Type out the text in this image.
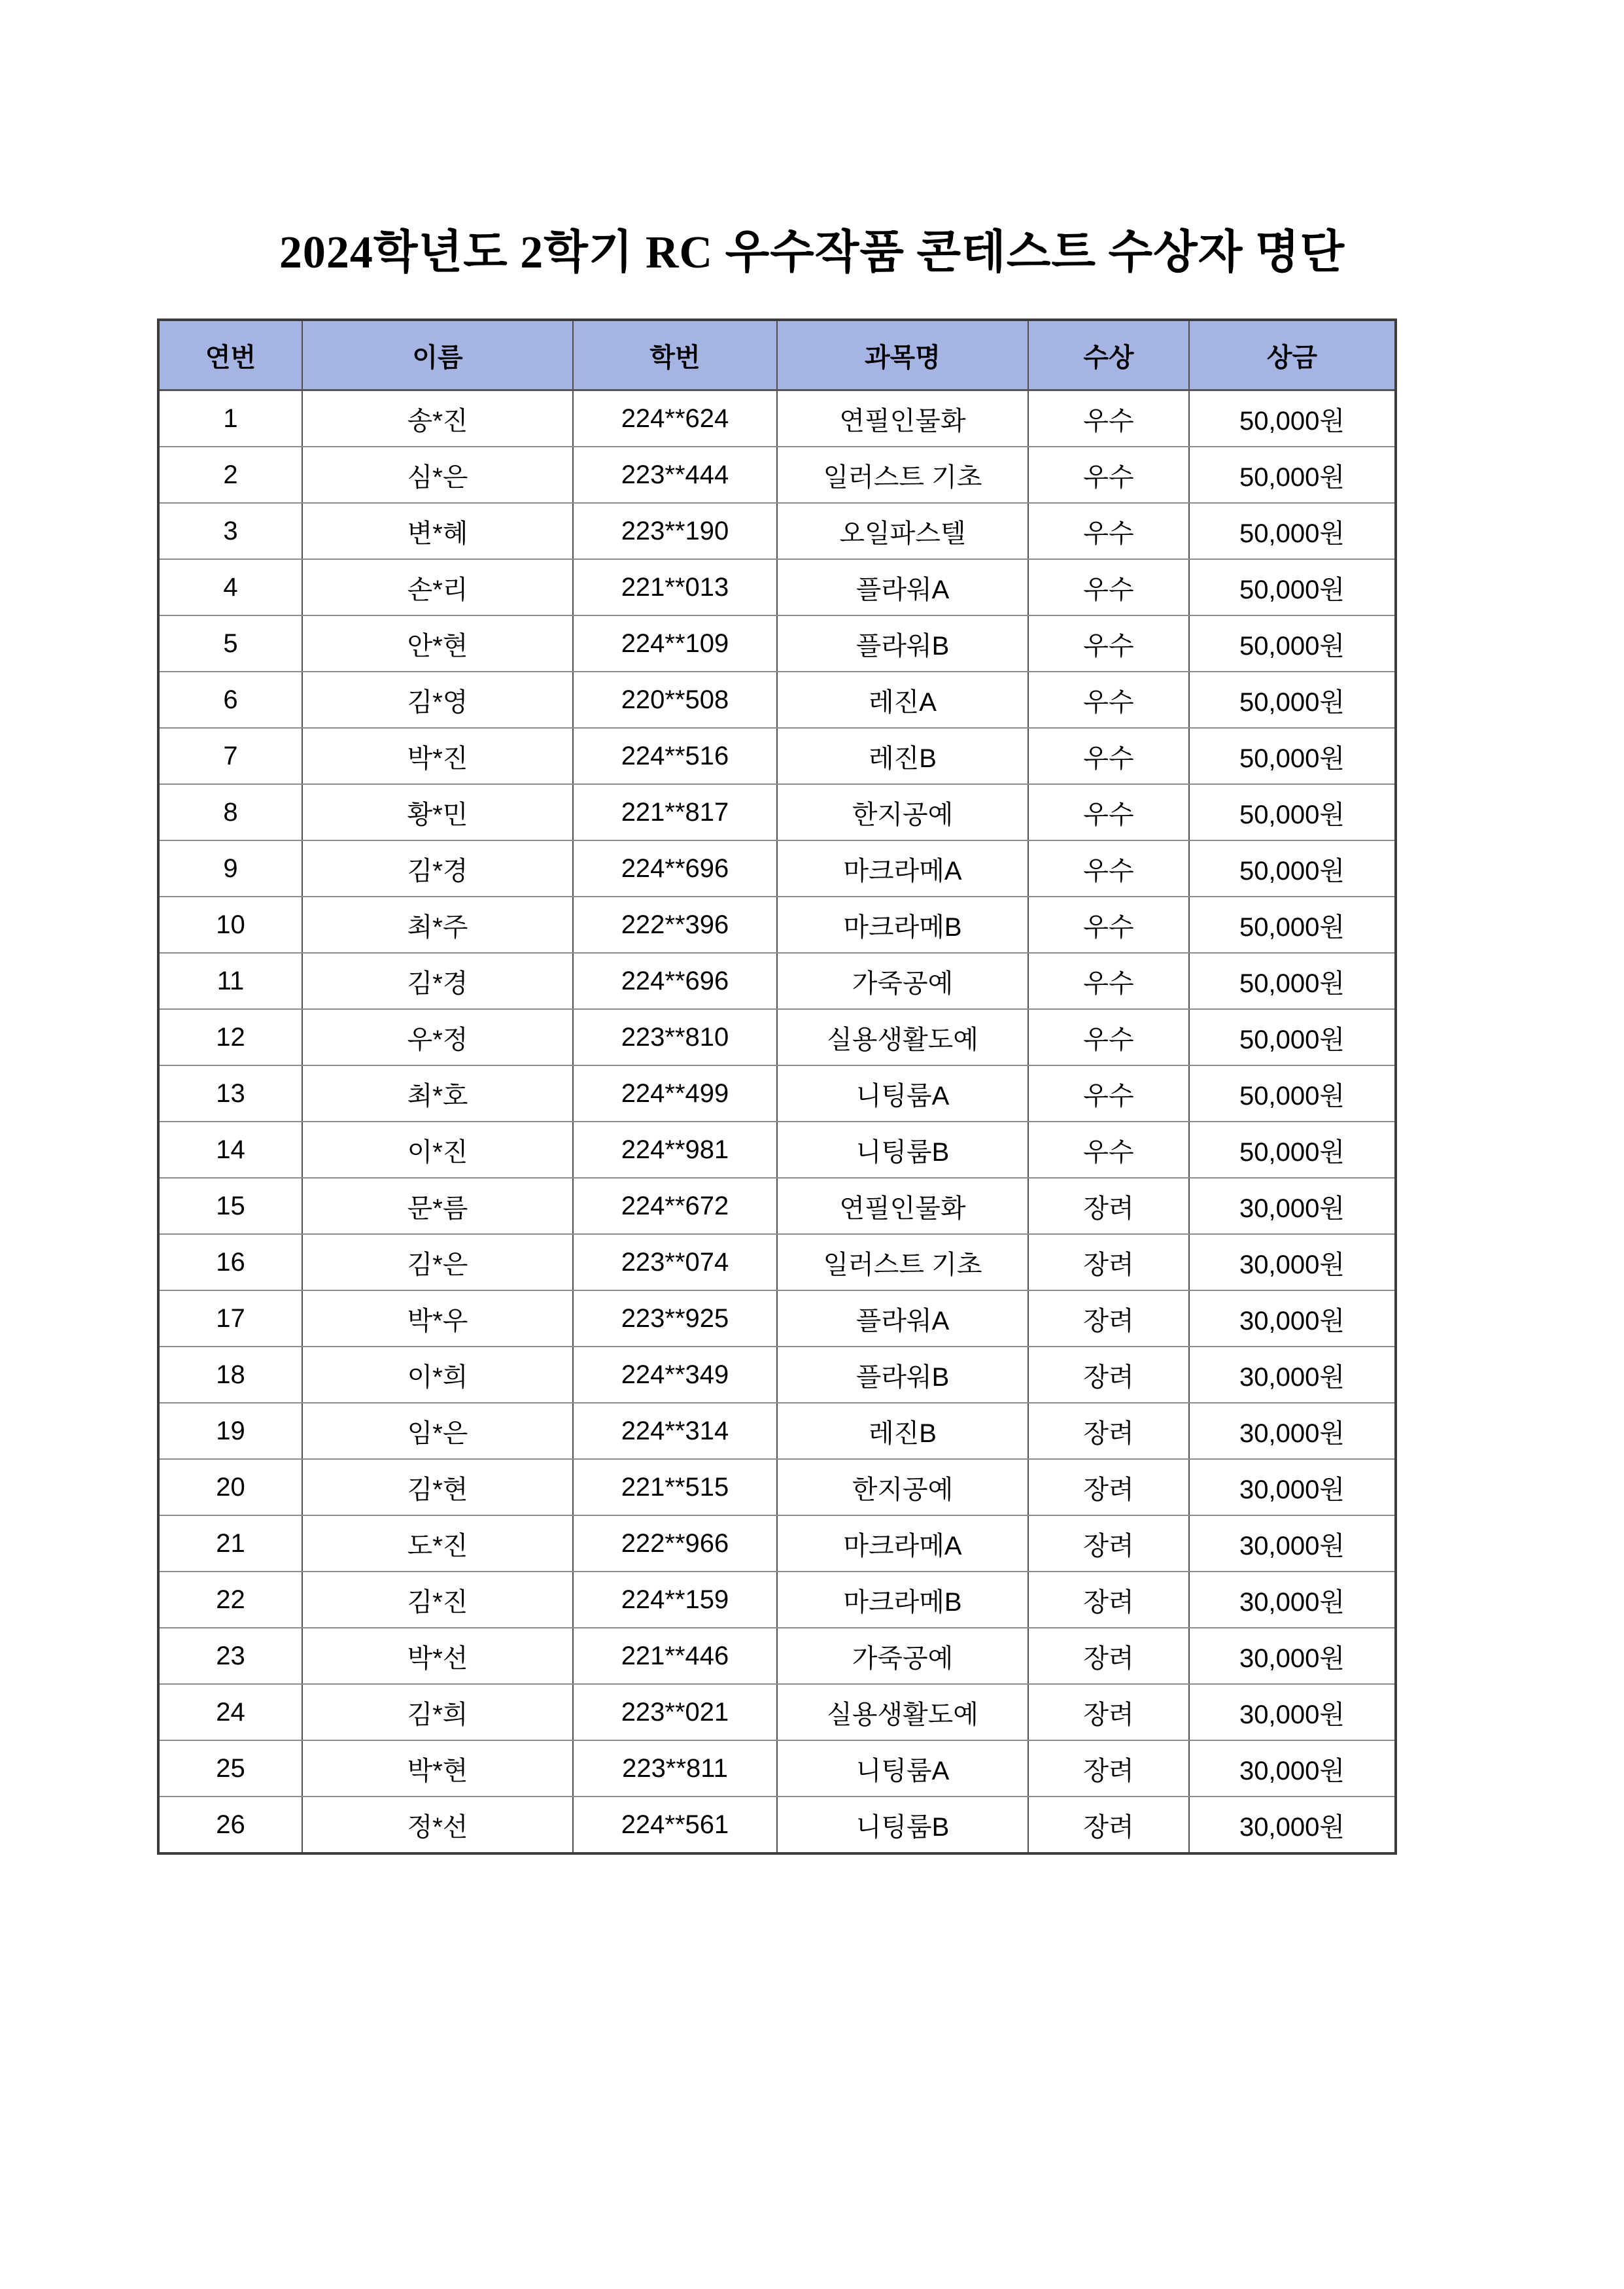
2024학년도 2학기 RC 우수작품 콘테스트 수상자 명단
연번	이름	학번	과목명	수상	상금
1	송*진	224**624	연필인물화	우수	50,000원
2	심*은	223**444	일러스트 기초	우수	50,000원
3	변*혜	223**190	오일파스텔	우수	50,000원
4	손*리	221**013	플라워A	우수	50,000원
5	안*현	224**109	플라워B	우수	50,000원
6	김*영	220**508	레진A	우수	50,000원
7	박*진	224**516	레진B	우수	50,000원
8	황*민	221**817	한지공예	우수	50,000원
9	김*경	224**696	마크라메A	우수	50,000원
10	최*주	222**396	마크라메B	우수	50,000원
11	김*경	224**696	가죽공예	우수	50,000원
12	우*정	223**810	실용생활도예	우수	50,000원
13	최*호	224**499	니팅룸A	우수	50,000원
14	이*진	224**981	니팅룸B	우수	50,000원
15	문*름	224**672	연필인물화	장려	30,000원
16	김*은	223**074	일러스트 기초	장려	30,000원
17	박*우	223**925	플라워A	장려	30,000원
18	이*희	224**349	플라워B	장려	30,000원
19	임*은	224**314	레진B	장려	30,000원
20	김*현	221**515	한지공예	장려	30,000원
21	도*진	222**966	마크라메A	장려	30,000원
22	김*진	224**159	마크라메B	장려	30,000원
23	박*선	221**446	가죽공예	장려	30,000원
24	김*희	223**021	실용생활도예	장려	30,000원
25	박*현	223**811	니팅룸A	장려	30,000원
26	정*선	224**561	니팅룸B	장려	30,000원
